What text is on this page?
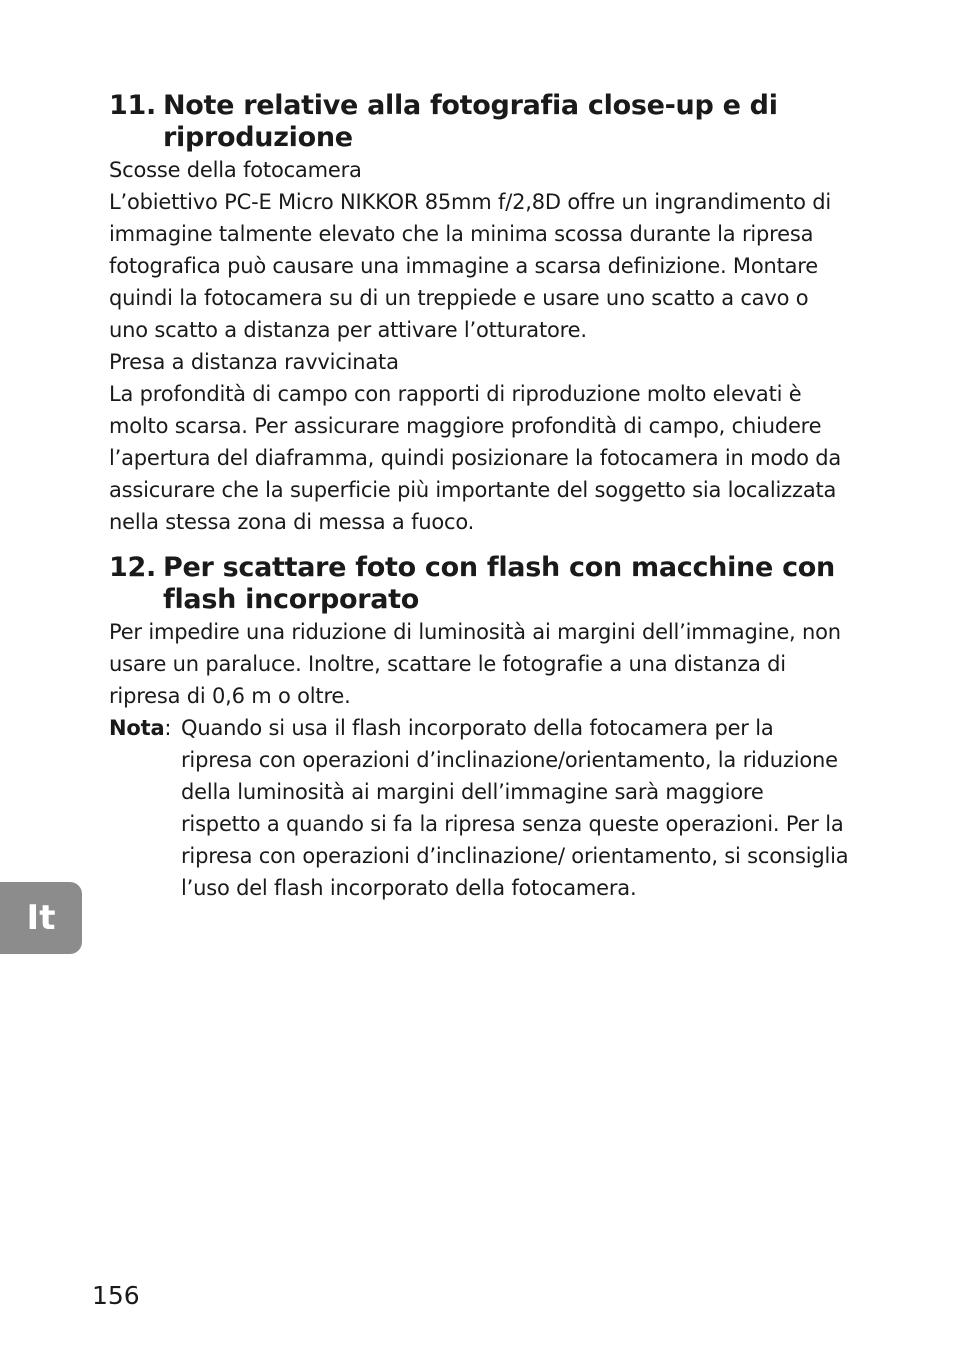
11. Note relative alla fotografia close-up e di riproduzione

Scosse della fotocamera

L’obiettivo PC-E Micro NIKKOR 85mm f/2,8D offre un ingrandimento di immagine talmente elevato che la minima scossa durante la ripresa fotografica può causare una immagine a scarsa definizione. Montare quindi la fotocamera su di un treppiede e usare uno scatto a cavo o uno scatto a distanza per attivare l’otturatore.

Presa a distanza ravvicinata

La profondità di campo con rapporti di riproduzione molto elevati è molto scarsa. Per assicurare maggiore profondità di campo, chiudere l’apertura del diaframma, quindi posizionare la fotocamera in modo da assicurare che la superficie più importante del soggetto sia localizzata nella stessa zona di messa a fuoco.

12. Per scattare foto con flash con macchine con flash incorporato

Per impedire una riduzione di luminosità ai margini dell’immagine, non usare un paraluce. Inoltre, scattare le fotografie a una distanza di ripresa di 0,6 m o oltre.

Nota: Quando si usa il flash incorporato della fotocamera per la ripresa con operazioni d’inclinazione/orientamento, la riduzione della luminosità ai margini dell’immagine sarà maggiore rispetto a quando si fa la ripresa senza queste operazioni. Per la ripresa con operazioni d’inclinazione/ orientamento, si sconsiglia l’uso del flash incorporato della fotocamera.
It
156
